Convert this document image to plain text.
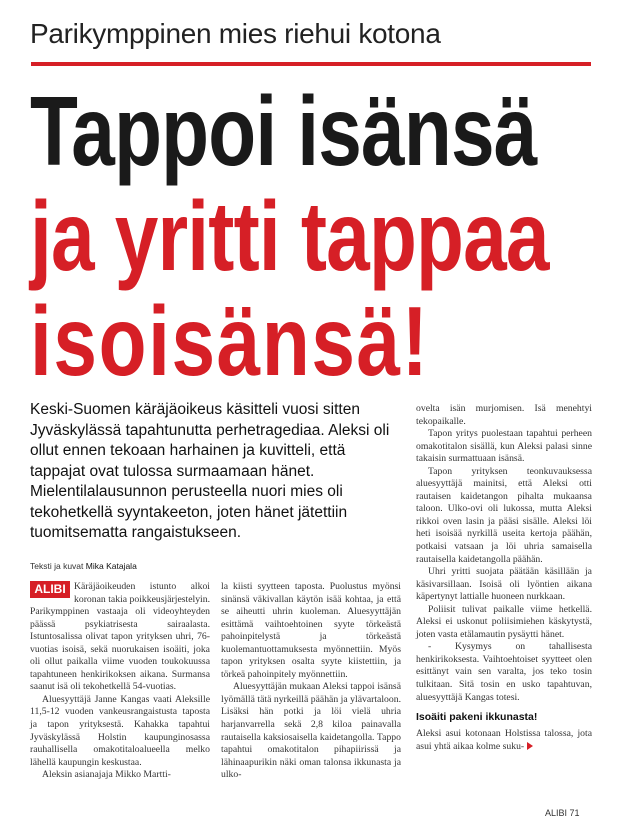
Parikymppinen mies riehui kotona
Tappoi isänsä
ja yritti tappaa
isoisänsä!

Keski-Suomen käräjäoikeus käsitteli vuosi sitten Jyväskylässä tapahtunutta perhetragediaa. Aleksi oli ollut ennen tekoaan harhainen ja kuvitteli, että tappajat ovat tulossa surmaamaan hänet. Mielentilalausunnon perusteella nuori mies oli tekohetkellä syyntakeeton, joten hänet jätettiin tuomitsematta rangaistukseen.

Teksti ja kuvat Mika Katajala

ALIBI Käräjäoikeuden istunto alkoi koronan takia poikkeusjärjestelyin. Parikymppinen vastaaja oli videoyhteyden päässä psykiatrisesta sairaalasta. Istuntosalissa olivat tapon yrityksen uhri, 76-vuotias isoisä, sekä nuorukaisen isoäiti, joka oli ollut paikalla viime vuoden toukokuussa tapahtuneen henkirikoksen aikana. Surmansa saanut isä oli tekohetkellä 54-vuotias.

Aluesyyttäjä Janne Kangas vaati Aleksille 11,5-12 vuoden vankeusrangaistusta taposta ja tapon yrityksestä. Kahakka tapahtui Jyväskylässä Holstin kaupunginosassa rauhallisella omakotitaloalueella melko lähellä kaupungin keskustaa.

Aleksin asianajaja Mikko Martti-

la kiisti syytteen taposta. Puolustus myönsi sinänsä väkivallan käytön isää kohtaa, ja että se aiheutti uhrin kuoleman. Aluesyyttäjän esittämä vaihtoehtoinen syyte törkeästä pahoinpitelystä ja törkeästä kuolemantuottamuksesta myönnettiin. Myös tapon yrityksen osalta syyte kiistettiin, ja törkeä pahoinpitely myönnettiin.

Aluesyyttäjän mukaan Aleksi tappoi isänsä lyömällä tätä nyrkeillä päähän ja ylävartaloon. Lisäksi hän potki ja löi vielä uhria harjanvarrella sekä 2,8 kiloa painavalla rautaisella kaksiosaisella kaidetangolla. Tappo tapahtui omakotitalon pihapiirissä ja lähinaapurikin näki oman talonsa ikkunasta ja ulko-

ovelta isän murjomisen. Isä menehtyi tekopaikalle.

Tapon yritys puolestaan tapahtui perheen omakotitalon sisällä, kun Aleksi palasi sinne takaisin surmattuaan isänsä.

Tapon yrityksen teonkuvauksessa aluesyyttäjä mainitsi, että Aleksi otti rautaisen kaidetangon pihalta mukaansa taloon. Ulko-ovi oli lukossa, mutta Aleksi rikkoi oven lasin ja pääsi sisälle. Aleksi löi heti isoisää nyrkillä useita kertoja päähän, potkaisi vatsaan ja löi uhria samaisella rautaisella kaidetangolla päähän.

Uhri yritti suojata päätään käsillään ja käsivarsillaan. Isoisä oli lyöntien aikana käpertynyt lattialle huoneen nurkkaan.

Poliisit tulivat paikalle viime hetkellä. Aleksi ei uskonut poliisimiehen käskytystä, joten vasta etälamautin pysäytti hänet.

- Kysymys on tahallisesta henkirikoksesta. Vaihtoehtoiset syytteet olen esittänyt vain sen varalta, jos teko tosin tulkitaan. Sitä tosin en usko tapahtuvan, aluesyyttäjä Kangas totesi.

Isoäiti pakeni ikkunasta!

Aleksi asui kotonaan Holstissa talossa, jota asui yhtä aikaa kolme suku-

ALIBI 71
